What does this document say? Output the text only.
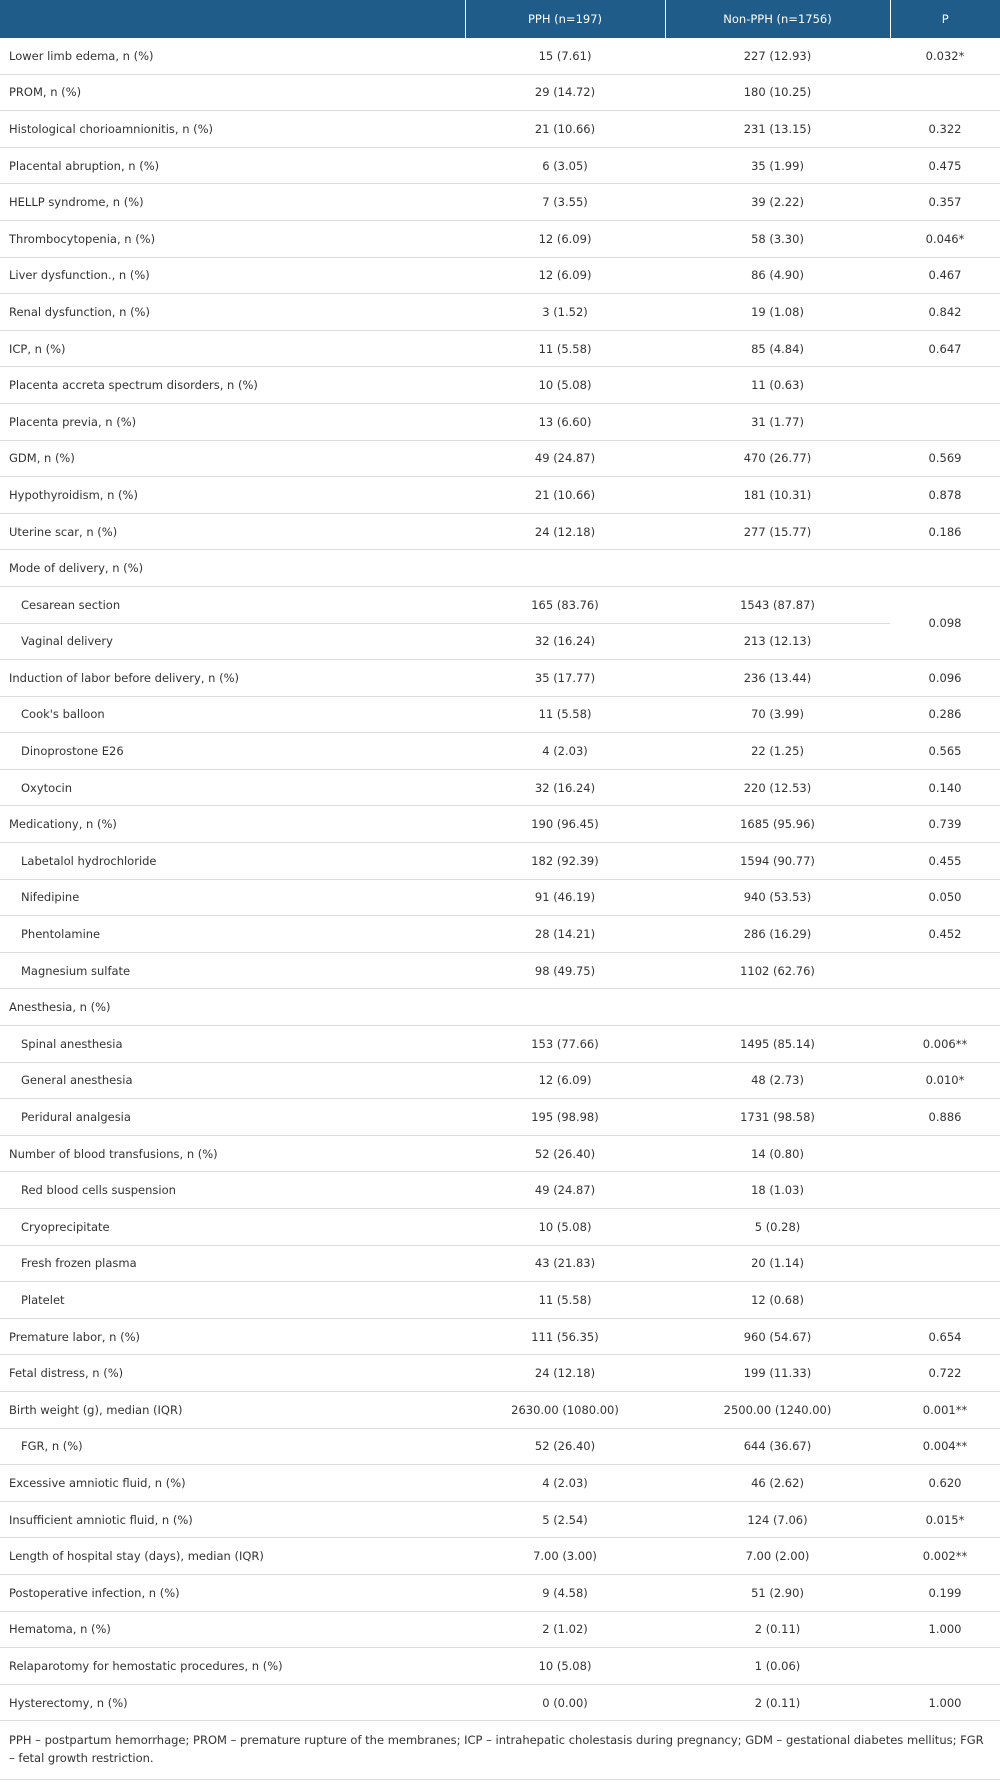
	PPH (n=197)	Non-PPH (n=1756)	P
Lower limb edema, n (%)	15 (7.61)	227 (12.93)	0.032*
PROM, n (%)	29 (14.72)	180 (10.25)	
Histological chorioamnionitis, n (%)	21 (10.66)	231 (13.15)	0.322
Placental abruption, n (%)	6 (3.05)	35 (1.99)	0.475
HELLP syndrome, n (%)	7 (3.55)	39 (2.22)	0.357
Thrombocytopenia, n (%)	12 (6.09)	58 (3.30)	0.046*
Liver dysfunction., n (%)	12 (6.09)	86 (4.90)	0.467
Renal dysfunction, n (%)	3 (1.52)	19 (1.08)	0.842
ICP, n (%)	11 (5.58)	85 (4.84)	0.647
Placenta accreta spectrum disorders, n (%)	10 (5.08)	11 (0.63)	
Placenta previa, n (%)	13 (6.60)	31 (1.77)	
GDM, n (%)	49 (24.87)	470 (26.77)	0.569
Hypothyroidism, n (%)	21 (10.66)	181 (10.31)	0.878
Uterine scar, n (%)	24 (12.18)	277 (15.77)	0.186
Mode of delivery, n (%)			
Cesarean section	165 (83.76)	1543 (87.87)	0.098
Vaginal delivery	32 (16.24)	213 (12.13)	
Induction of labor before delivery, n (%)	35 (17.77)	236 (13.44)	0.096
Cook's balloon	11 (5.58)	70 (3.99)	0.286
Dinoprostone E26	4 (2.03)	22 (1.25)	0.565
Oxytocin	32 (16.24)	220 (12.53)	0.140
Medicationy, n (%)	190 (96.45)	1685 (95.96)	0.739
Labetalol hydrochloride	182 (92.39)	1594 (90.77)	0.455
Nifedipine	91 (46.19)	940 (53.53)	0.050
Phentolamine	28 (14.21)	286 (16.29)	0.452
Magnesium sulfate	98 (49.75)	1102 (62.76)	
Anesthesia, n (%)			
Spinal anesthesia	153 (77.66)	1495 (85.14)	0.006**
General anesthesia	12 (6.09)	48 (2.73)	0.010*
Peridural analgesia	195 (98.98)	1731 (98.58)	0.886
Number of blood transfusions, n (%)	52 (26.40)	14 (0.80)	
Red blood cells suspension	49 (24.87)	18 (1.03)	
Cryoprecipitate	10 (5.08)	5 (0.28)	
Fresh frozen plasma	43 (21.83)	20 (1.14)	
Platelet	11 (5.58)	12 (0.68)	
Premature labor, n (%)	111 (56.35)	960 (54.67)	0.654
Fetal distress, n (%)	24 (12.18)	199 (11.33)	0.722
Birth weight (g), median (IQR)	2630.00 (1080.00)	2500.00 (1240.00)	0.001**
FGR, n (%)	52 (26.40)	644 (36.67)	0.004**
Excessive amniotic fluid, n (%)	4 (2.03)	46 (2.62)	0.620
Insufficient amniotic fluid, n (%)	5 (2.54)	124 (7.06)	0.015*
Length of hospital stay (days), median (IQR)	7.00 (3.00)	7.00 (2.00)	0.002**
Postoperative infection, n (%)	9 (4.58)	51 (2.90)	0.199
Hematoma, n (%)	2 (1.02)	2 (0.11)	1.000
Relaparotomy for hemostatic procedures, n (%)	10 (5.08)	1 (0.06)	
Hysterectomy, n (%)	0 (0.00)	2 (0.11)	1.000
PPH – postpartum hemorrhage; PROM – premature rupture of the membranes; ICP – intrahepatic cholestasis during pregnancy; GDM – gestational diabetes mellitus; FGR – fetal growth restriction.
